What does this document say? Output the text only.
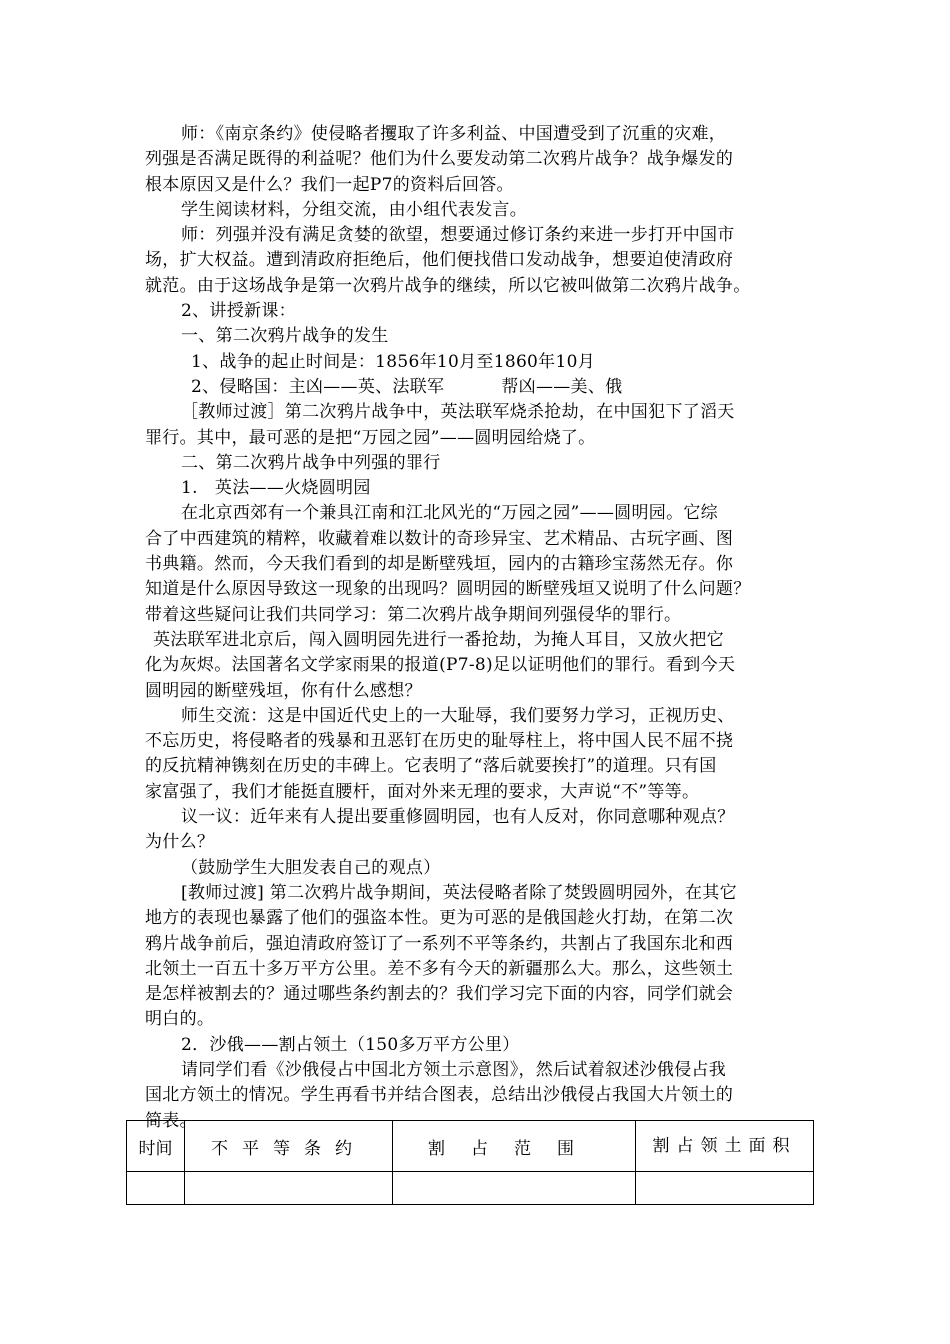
师：《南京条约》使侵略者攫取了许多利益、中国遭受到了沉重的灾难，
列强是否满足既得的利益呢？他们为什么要发动第二次鸦片战争？战争爆发的
根本原因又是什么？我们一起P7的资料后回答。
学生阅读材料，分组交流，由小组代表发言。
师：列强并没有满足贪婪的欲望，想要通过修订条约来进一步打开中国市
场，扩大权益。遭到清政府拒绝后，他们便找借口发动战争，想要迫使清政府
就范。由于这场战争是第一次鸦片战争的继续，所以它被叫做第二次鸦片战争。
2、讲授新课：
一、第二次鸦片战争的发生
1、战争的起止时间是：1856年10月至1860年10月
2、侵略国：主凶——英、法联军          帮凶——美、俄
［教师过渡］第二次鸦片战争中，英法联军烧杀抢劫，在中国犯下了滔天
罪行。其中，最可恶的是把“万园之园”——圆明园给烧了。
二、第二次鸦片战争中列强的罪行
1.   英法——火烧圆明园
在北京西郊有一个兼具江南和江北风光的“万园之园”——圆明园。它综
合了中西建筑的精粹，收藏着难以数计的奇珍异宝、艺术精品、古玩字画、图
书典籍。然而，今天我们看到的却是断壁残垣，园内的古籍珍宝荡然无存。你
知道是什么原因导致这一现象的出现吗？圆明园的断壁残垣又说明了什么问题？
带着这些疑问让我们共同学习：第二次鸦片战争期间列强侵华的罪行。
英法联军进北京后，闯入圆明园先进行一番抢劫，为掩人耳目，又放火把它
化为灰烬。法国著名文学家雨果的报道(P7-8)足以证明他们的罪行。看到今天
圆明园的断壁残垣，你有什么感想？
师生交流：这是中国近代史上的一大耻辱，我们要努力学习，正视历史、
不忘历史，将侵略者的残暴和丑恶钉在历史的耻辱柱上，将中国人民不屈不挠
的反抗精神镌刻在历史的丰碑上。它表明了“落后就要挨打”的道理。只有国
家富强了，我们才能挺直腰杆，面对外来无理的要求，大声说“不”等等。
议一议：近年来有人提出要重修圆明园，也有人反对，你同意哪种观点？
为什么？
（鼓励学生大胆发表自己的观点）
[教师过渡] 第二次鸦片战争期间，英法侵略者除了焚毁圆明园外，在其它
地方的表现也暴露了他们的强盗本性。更为可恶的是俄国趁火打劫，在第二次
鸦片战争前后，强迫清政府签订了一系列不平等条约，共割占了我国东北和西
北领土一百五十多万平方公里。差不多有今天的新疆那么大。那么，这些领土
是怎样被割去的？通过哪些条约割去的？我们学习完下面的内容，同学们就会
明白的。
2．沙俄——割占领土（150多万平方公里）
请同学们看《沙俄侵占中国北方领土示意图》，然后试着叙述沙俄侵占我
国北方领土的情况。学生再看书并结合图表，总结出沙俄侵占我国大片领土的
简表。
时间	不平等条约	割占范围	割占领土面积
